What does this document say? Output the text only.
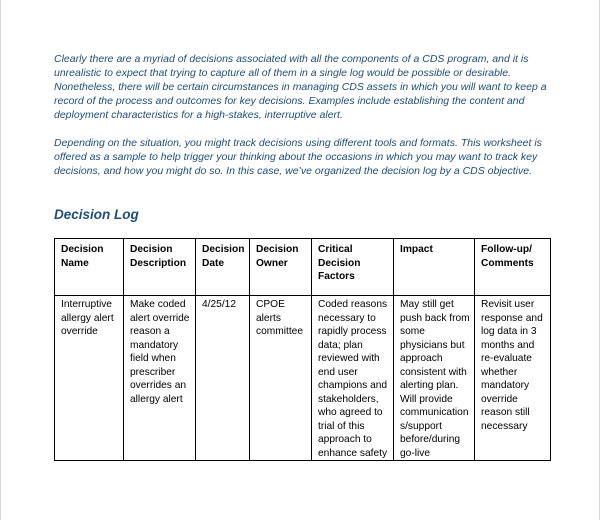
Clearly there are a myriad of decisions associated with all the components of a CDS program, and it is unrealistic to expect that trying to capture all of them in a single log would be possible or desirable. Nonetheless, there will be certain circumstances in managing CDS assets in which you will want to keep a record of the process and outcomes for key decisions. Examples include establishing the content and deployment characteristics for a high-stakes, interruptive alert.

Depending on the situation, you might track decisions using different tools and formats. This worksheet is offered as a sample to help trigger your thinking about the occasions in which you may want to track key decisions, and how you might do so. In this case, we’ve organized the decision log by a CDS objective.

Decision Log
Decision Name	Decision Description	Decision Date	Decision Owner	Critical Decision Factors	Impact	Follow-up/ Comments

Interruptive allergy alert override	Make coded alert override reason a mandatory field when prescriber overrides an allergy alert	4/25/12	CPOE alerts committee	Coded reasons necessary to rapidly process data; plan reviewed with end user champions and stakeholders, who agreed to trial of this approach to enhance safety	May still get push back from some physicians but approach consistent with alerting plan. Will provide communication s/support before/during go-live	Revisit user response and log data in 3 months and re-evaluate whether mandatory override reason still necessary
